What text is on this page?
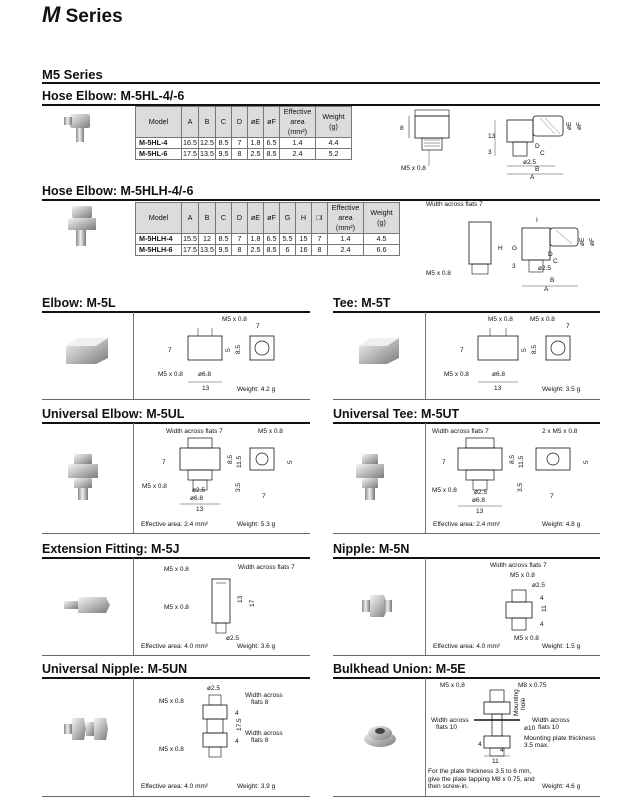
M Series
M5 Series
Hose Elbow: M-5HL-4/-6
Model	A	B	C	D	øE	øF	Effective area (mm²)	Weight (g)
M-5HL-4	16.5	12.5	8.5	7	1.8	6.5	1.4	4.4
M-5HL-6	17.5	13.5	9.5	8	2.5	8.5	2.4	5.2
8
M5 x 0.8
13
3
ø2.5
D
C
B
A
øE øF
Hose Elbow: M-5HLH-4/-6
Model	A	B	C	D	øE	øF	G	H	□I	Effective area (mm²)	Weight (g)
M-5HLH-4	15.5	12	8.5	7	1.8	6.5	5.5	15	7	1.4	4.5
M-5HLH-6	17.5	13.5	9.5	8	2.5	8.5	6	16	8	2.4	6.6
Width across flats 7
M5 x 0.8
H G
3	ø2.5
I
D
C
B
A
øE øF
Elbow: M-5L	Tee: M-5T
M5 x 0.8
7	5 8.5
7
M5 x 0.8 ø6.8
13	Weight: 4.2 g
M5 x 0.8	M5 x 0.8
7	5 8.5
7
M5 x 0.8	ø6.8
13	Weight: 3.5 g
Universal Elbow: M-5UL	Universal Tee: M-5UT
Width across flats 7	M5 x 0.8
7	8.5 11.5
3.5
5
7
M5 x 0.8
ø2.5
ø6.8
13
Effective area: 2.4 mm²	Weight: 5.3 g
Width across flats 7	2 x M5 x 0.8
7	8.5 11.5
3.5
5
7
M5 x 0.8	ø2.5
ø6.8
13
Effective area: 2.4 mm²	Weight: 4.8 g
Extension Fitting: M-5J	Nipple: M-5N
M5 x 0.8	Width across flats 7
M5 x 0.8
13
17
ø2.5
Effective area: 4.0 mm²	Weight: 3.6 g
Width across flats 7
M5 x 0.8
ø2.5
4
11
4
M5 x 0.8
Effective area: 4.0 mm²	Weight: 1.5 g
Universal Nipple: M-5UN	Bulkhead Union: M-5E
ø2.5
M5 x 0.8
Width across
flats 8
4
17.5
4
Width across
flats 8
M5 x 0.8
Effective area: 4.0 mm²	Weight: 3.9 g
M5 x 0.8	M8 x 0.75
Mounting hole
ø10
Width across
flats 10
Width across
flats 10
Mounting plate thickness
3.5 max.
4
4
11
For the plate thickness 3.5 to 6 mm,
give the plate tapping M8 x 0.75, and
then screw-in.	Weight: 4.6 g
